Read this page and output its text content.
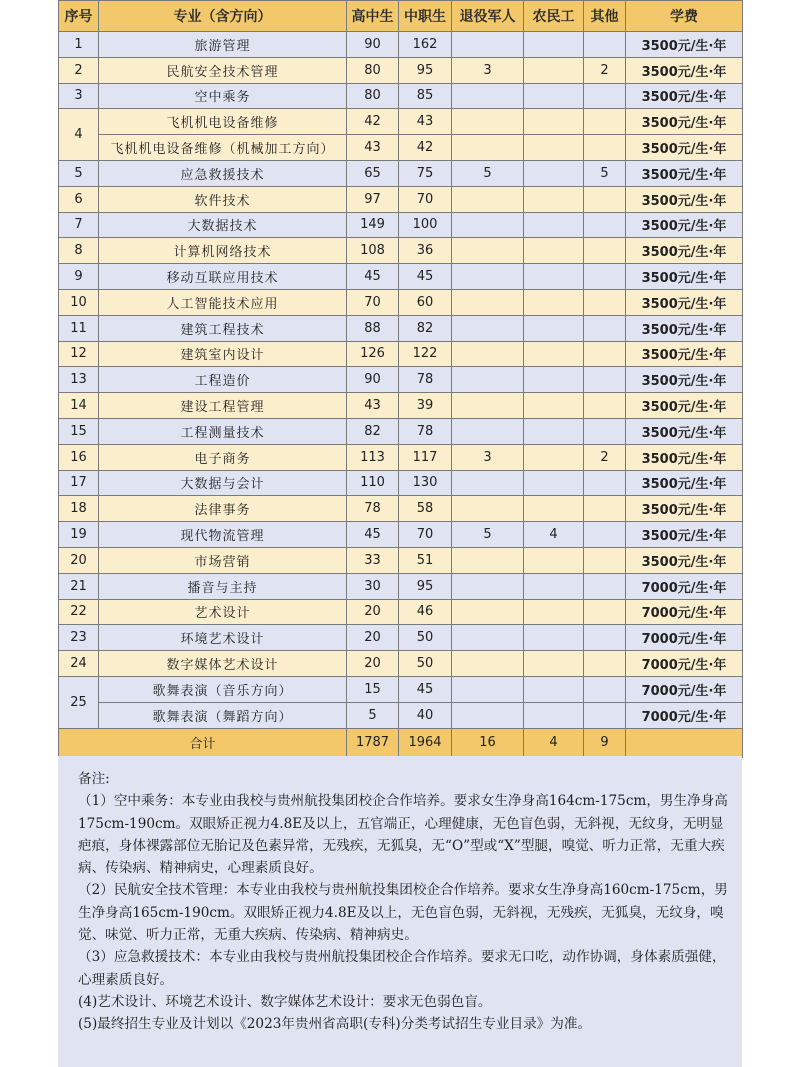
序号	专业（含方向）	高中生	中职生	退役军人	农民工	其他	学费
1	旅游管理	90	162				3500元/生·年
2	民航安全技术管理	80	95	3		2	3500元/生·年
3	空中乘务	80	85				3500元/生·年
4	飞机机电设备维修	42	43				3500元/生·年
	飞机机电设备维修（机械加工方向）	43	42				3500元/生·年
5	应急救援技术	65	75	5		5	3500元/生·年
6	软件技术	97	70				3500元/生·年
7	大数据技术	149	100				3500元/生·年
8	计算机网络技术	108	36				3500元/生·年
9	移动互联应用技术	45	45				3500元/生·年
10	人工智能技术应用	70	60				3500元/生·年
11	建筑工程技术	88	82				3500元/生·年
12	建筑室内设计	126	122				3500元/生·年
13	工程造价	90	78				3500元/生·年
14	建设工程管理	43	39				3500元/生·年
15	工程测量技术	82	78				3500元/生·年
16	电子商务	113	117	3		2	3500元/生·年
17	大数据与会计	110	130				3500元/生·年
18	法律事务	78	58				3500元/生·年
19	现代物流管理	45	70	5	4		3500元/生·年
20	市场营销	33	51				3500元/生·年
21	播音与主持	30	95				7000元/生·年
22	艺术设计	20	46				7000元/生·年
23	环境艺术设计	20	50				7000元/生·年
24	数字媒体艺术设计	20	50				7000元/生·年
25	歌舞表演（音乐方向）	15	45				7000元/生·年
	歌舞表演（舞蹈方向）	5	40				7000元/生·年
合计		1787	1964	16	4	9	

备注:

（1）空中乘务：本专业由我校与贵州航投集团校企合作培养。要求女生净身高164cm-175cm，男生净身高175cm-190cm。双眼矫正视力4.8E及以上，五官端正，心理健康，无色盲色弱，无斜视，无纹身，无明显疤痕，身体裸露部位无胎记及色素异常，无残疾，无狐臭，无“O”型或“X”型腿，嗅觉、听力正常，无重大疾病、传染病、精神病史，心理素质良好。

（2）民航安全技术管理：本专业由我校与贵州航投集团校企合作培养。要求女生净身高160cm-175cm，男生净身高165cm-190cm。双眼矫正视力4.8E及以上，无色盲色弱，无斜视，无残疾，无狐臭，无纹身，嗅觉、味觉、听力正常，无重大疾病、传染病、精神病史。

（3）应急救援技术：本专业由我校与贵州航投集团校企合作培养。要求无口吃，动作协调，身体素质强健，心理素质良好。

(4)艺术设计、环境艺术设计、数字媒体艺术设计：要求无色弱色盲。

(5)最终招生专业及计划以《2023年贵州省高职(专科)分类考试招生专业目录》为准。
